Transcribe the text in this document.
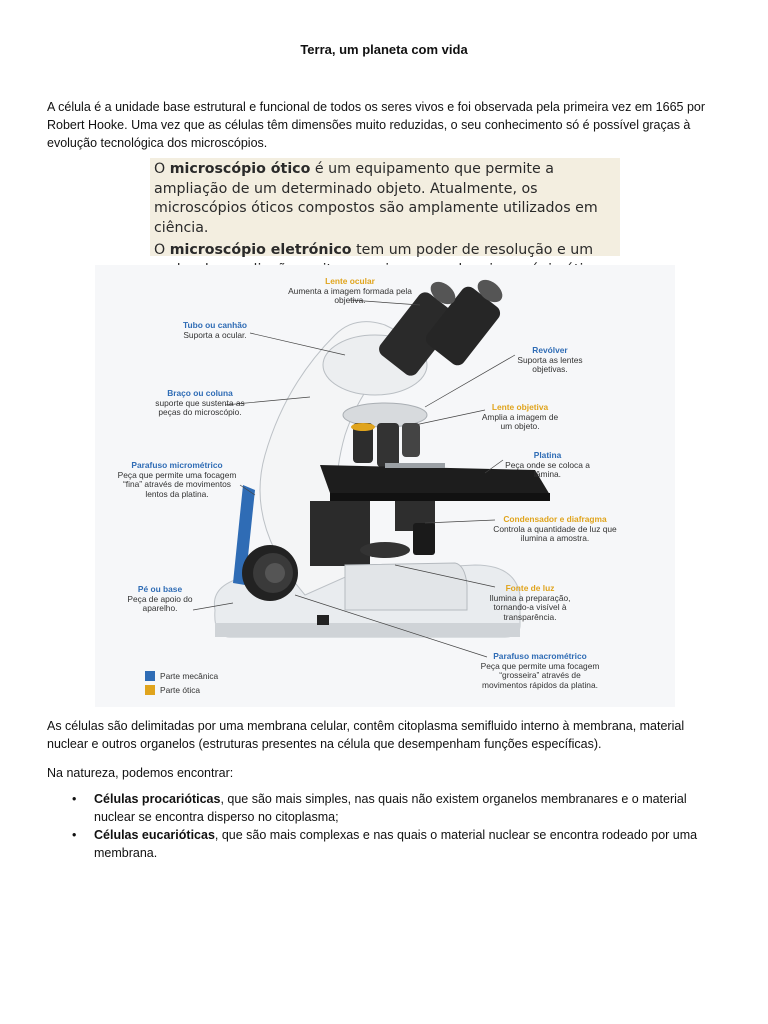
Terra, um planeta com vida

A célula é a unidade base estrutural e funcional de todos os seres vivos e foi observada pela primeira vez em 1665 por Robert Hooke. Uma vez que as células têm dimensões muito reduzidas, o seu conhecimento só é possível graças à evolução tecnológica dos microscópios.

O microscópio ótico é um equipamento que permite a ampliação de um determinado objeto. Atualmente, os microscópios óticos compostos são amplamente utilizados em ciência.

O microscópio eletrónico tem um poder de resolução e um

Lente ocular
Aumenta a imagem formada pela objetiva.
Tubo ou canhão
Suporta a ocular.
Braço ou coluna
suporte que sustenta as peças do microscópio.
Parafuso micrométrico
Peça que permite uma focagem “fina” através de movimentos lentos da platina.
Pé ou base
Peça de apoio do aparelho.
Revólver
Suporta as lentes objetivas.
Lente objetiva
Amplia a imagem de um objeto.
Platina
Peça onde se coloca a lâmina.
Condensador e diafragma
Controla a quantidade de luz que ilumina a amostra.
Fonte de luz
Ilumina a preparação, tornando-a visível à transparência.
Parafuso macrométrico
Peça que permite uma focagem “grosseira” através de movimentos rápidos da platina.
Parte mecânica
Parte ótica

As células são delimitadas por uma membrana celular, contêm citoplasma semifluido interno à membrana, material nuclear e outros organelos (estruturas presentes na célula que desempenham funções específicas).

Na natureza, podemos encontrar:

• Células procarióticas, que são mais simples, nas quais não existem organelos membranares e o material nuclear se encontra disperso no citoplasma;
• Células eucarióticas, que são mais complexas e nas quais o material nuclear se encontra rodeado por uma membrana.
